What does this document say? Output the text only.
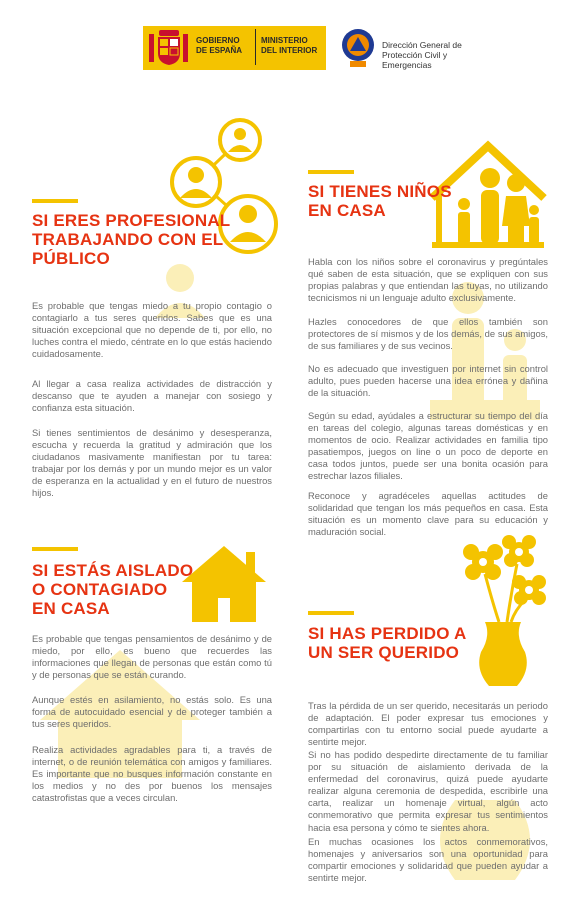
GOBIERNO
DE ESPAÑA
MINISTERIO
DEL INTERIOR
Dirección General de
Protección Civil y
Emergencias
SI ERES PROFESIONAL
TRABAJANDO CON EL
PÚBLICO

Es probable que tengas miedo a tu propio contagio o contagiarlo a tus seres queridos. Sabes que es una situación excepcional que no depende de ti, por ello, no luches contra el miedo, céntrate en lo que estás haciendo cuidadosamente.

Al llegar a casa realiza actividades de distracción y descanso que te ayuden a manejar con sosiego y confianza esta situación.

Si tienes sentimientos de desánimo y desesperanza, escucha y recuerda la gratitud y admiración que los ciudadanos masivamente manifiestan por tu tarea: trabajar por los demás y por un mundo mejor es un valor de esperanza en la actualidad y en el futuro de nuestros hijos.

SI TIENES NIÑOS
EN CASA

Habla con los niños sobre el coronavirus y pregúntales qué saben de esta situación, que se expliquen con sus propias palabras y que entiendan las tuyas, no utilizando tecnicismos ni un lenguaje adulto exclusivamente.

Hazles conocedores de que ellos también son protectores de sí mismos y de los demás, de sus amigos, de sus familiares y de sus vecinos.

No es adecuado que investiguen por internet sin control adulto, pues pueden hacerse una idea errónea y dañina de la situación.

Según su edad, ayúdales a estructurar su tiempo del día en tareas del colegio, algunas tareas domésticas y en momentos de ocio. Realizar actividades en familia tipo pasatiempos, juegos on line o un poco de deporte en casa todos juntos, puede ser una bonita ocasión para estrechar lazos filiales.

Reconoce y agradéceles aquellas actitudes de solidaridad que tengan los más pequeños en casa. Esta situación es un momento clave para su educación y maduración social.

SI ESTÁS AISLADO
O CONTAGIADO
EN CASA

Es probable que tengas pensamientos de desánimo y de miedo, por ello, es bueno que recuerdes las informaciones que llegan de personas que están como tú y de personas que se están curando.

Aunque estés en asilamiento, no estás solo. Es una forma de autocuidado esencial y de proteger también a tus seres queridos.

Realiza actividades agradables para ti, a través de internet, o de reunión telemática con amigos y familiares. Es importante que no busques información constante en los medios y no des por buenos los mensajes catastrofistas que a veces circulan.

SI HAS PERDIDO A
UN SER QUERIDO

Tras la pérdida de un ser querido, necesitarás un periodo de adaptación. El poder expresar tus emociones y compartirlas con tu entorno social puede ayudarte a sentirte mejor.

Si no has podido despedirte directamente de tu familiar por su situación de aislamiento derivada de la enfermedad del coronavirus, quizá puede ayudarte realizar alguna ceremonia de despedida, escribirle una carta, realizar un homenaje virtual, algún acto conmemorativo que permita expresar tus sentimientos hacia esa persona y cómo te sientes ahora.

En muchas ocasiones los actos conmemorativos, homenajes y aniversarios son una oportunidad para compartir emociones y solidaridad que pueden ayudar a sentirte mejor.
